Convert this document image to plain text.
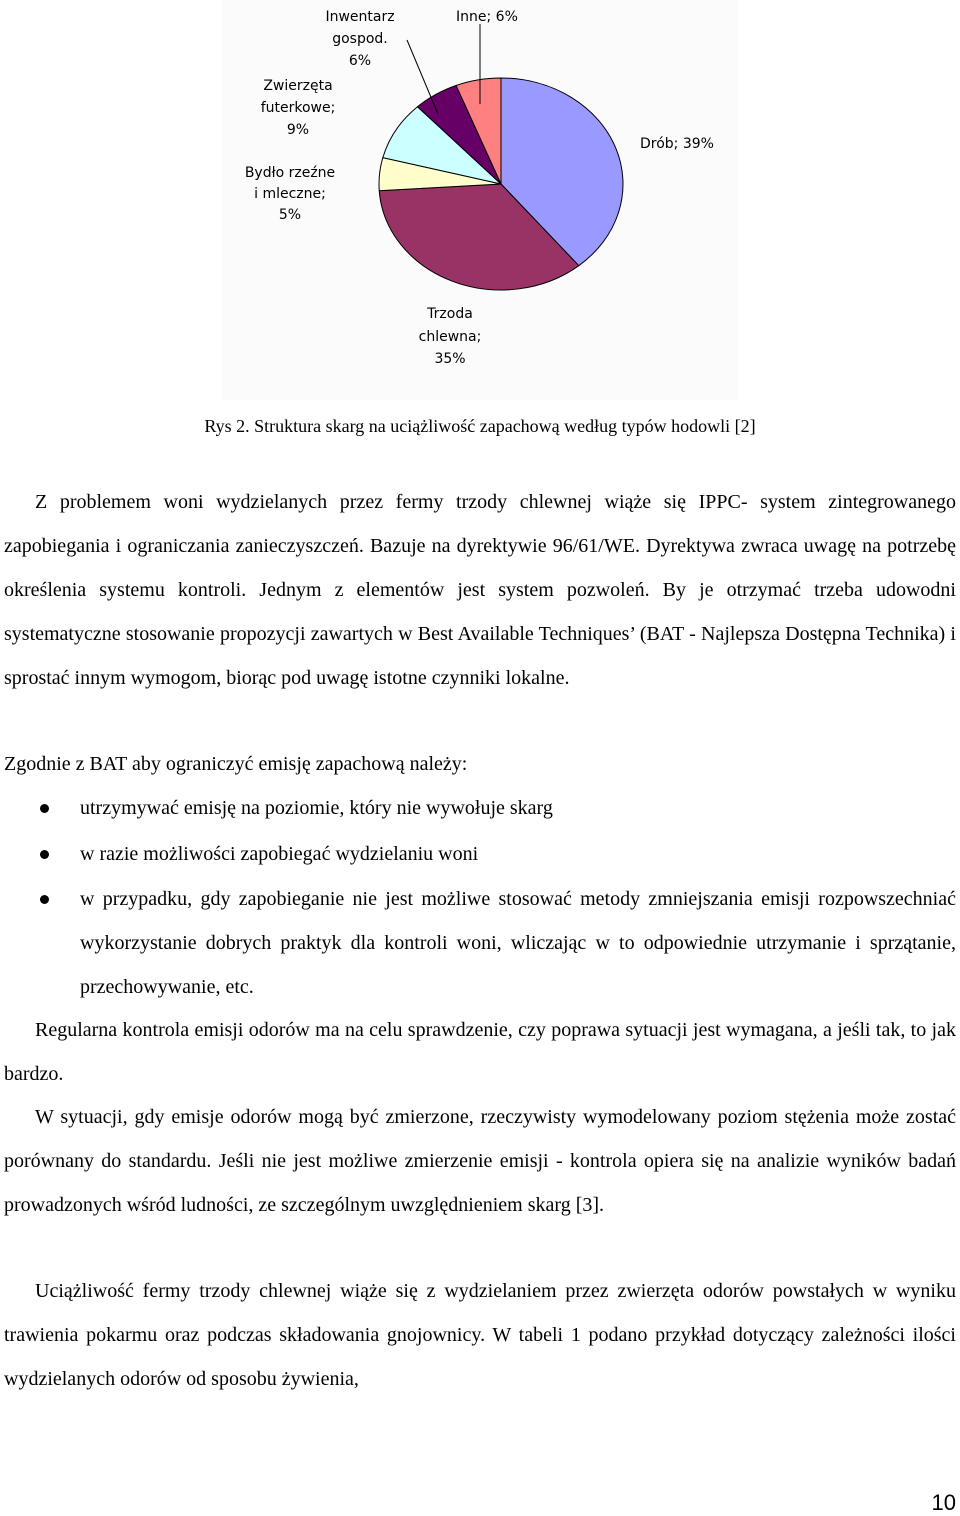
Drób; 39%
Trzoda
chlewna;
35%
Bydło rzeźne
i mleczne;
5%
Zwierzęta
futerkowe;
9%
Inwentarz
gospod.
6%
Inne; 6%
Rys 2. Struktura skarg na uciążliwość zapachową według typów hodowli [2]

Z problemem woni wydzielanych przez fermy trzody chlewnej wiąże się IPPC- system zintegrowanego zapobiegania i ograniczania zanieczyszczeń. Bazuje na dyrektywie 96/61/WE. Dyrektywa zwraca uwagę na potrzebę określenia systemu kontroli. Jednym z elementów jest system pozwoleń. By je otrzymać trzeba udowodni systematyczne stosowanie propozycji zawartych w Best Available Techniques’ (BAT - Najlepsza Dostępna Technika) i sprostać innym wymogom, biorąc pod uwagę istotne czynniki lokalne.

Zgodnie z BAT aby ograniczyć emisję zapachową należy:

utrzymywać emisję na poziomie, który nie wywołuje skarg

w razie możliwości zapobiegać wydzielaniu woni

w przypadku, gdy zapobieganie nie jest możliwe stosować metody zmniejszania emisji rozpowszechniać wykorzystanie dobrych praktyk dla kontroli woni, wliczając w to odpowiednie utrzymanie i sprzątanie, przechowywanie, etc.

Regularna kontrola emisji odorów ma na celu sprawdzenie, czy poprawa sytuacji jest wymagana, a jeśli tak, to jak bardzo.

W sytuacji, gdy emisje odorów mogą być zmierzone, rzeczywisty wymodelowany poziom stężenia może zostać porównany do standardu. Jeśli nie jest możliwe zmierzenie emisji - kontrola opiera się na analizie wyników badań prowadzonych wśród ludności, ze szczególnym uwzględnieniem skarg [3].

Uciążliwość fermy trzody chlewnej wiąże się z wydzielaniem przez zwierzęta odorów powstałych w wyniku trawienia pokarmu oraz podczas składowania gnojownicy. W tabeli 1 podano przykład dotyczący zależności ilości wydzielanych odorów od sposobu żywienia,

10
